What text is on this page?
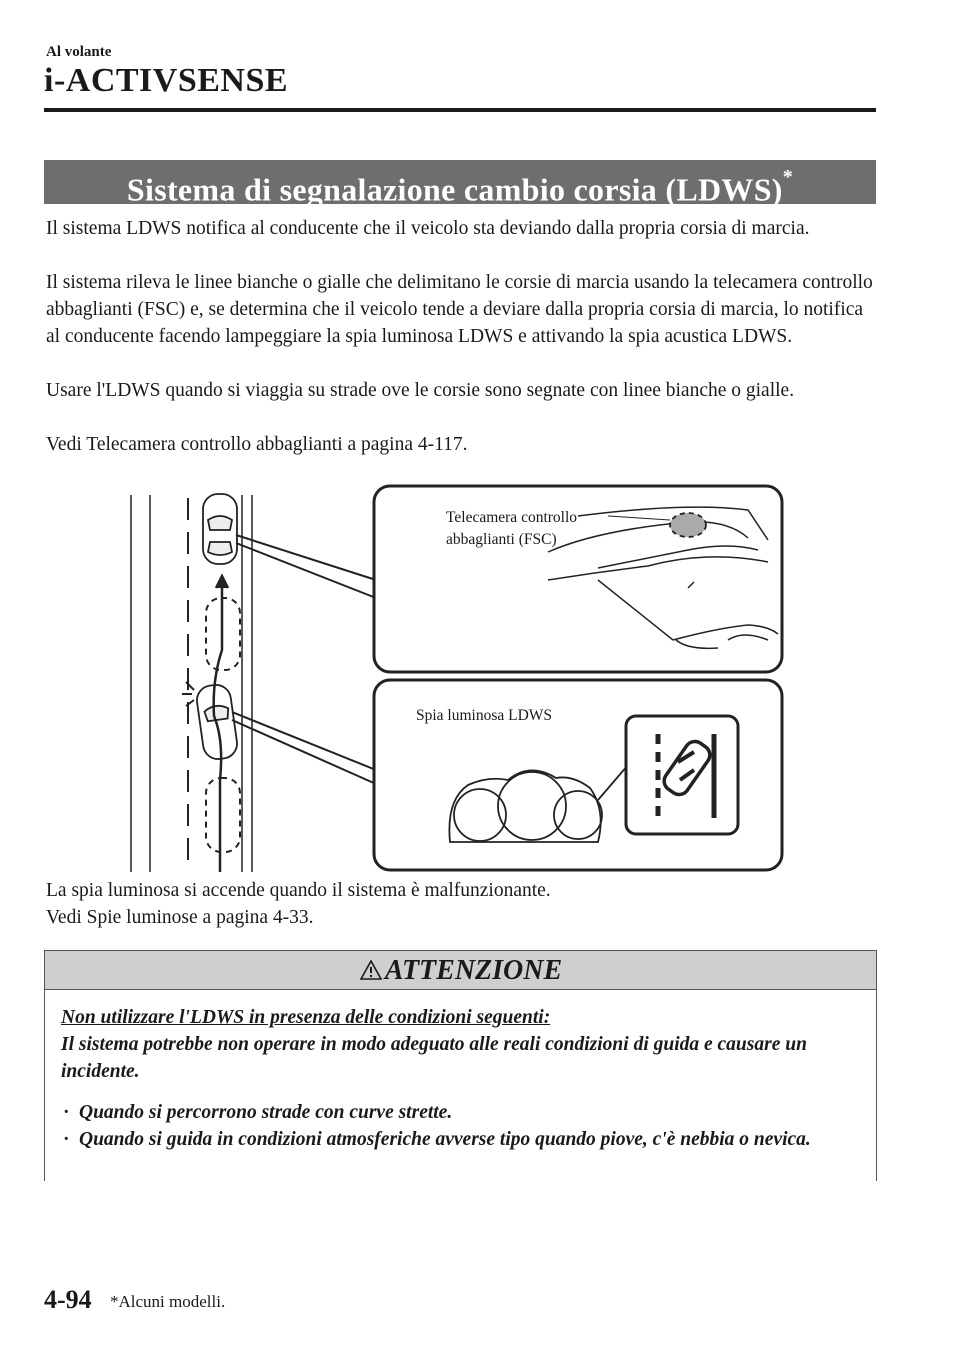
Al volante
i-ACTIVSENSE
Sistema di segnalazione cambio corsia (LDWS)*
Il sistema LDWS notifica al conducente che il veicolo sta deviando dalla propria corsia di marcia.
Il sistema rileva le linee bianche o gialle che delimitano le corsie di marcia usando la telecamera controllo abbaglianti (FSC) e, se determina che il veicolo tende a deviare dalla propria corsia di marcia, lo notifica al conducente facendo lampeggiare la spia luminosa LDWS e attivando la spia acustica LDWS.
Usare l'LDWS quando si viaggia su strade ove le corsie sono segnate con linee bianche o gialle.
Vedi Telecamera controllo abbaglianti a pagina 4-117.
Telecamera controllo
abbaglianti (FSC)
Spia luminosa LDWS
La spia luminosa si accende quando il sistema è malfunzionante.
Vedi Spie luminose a pagina 4-33.
ATTENZIONE
Non utilizzare l'LDWS in presenza delle condizioni seguenti:
Il sistema potrebbe non operare in modo adeguato alle reali condizioni di guida e causare un incidente.
· Quando si percorrono strade con curve strette.
· Quando si guida in condizioni atmosferiche avverse tipo quando piove, c'è nebbia o nevica.
4-94 *Alcuni modelli.
